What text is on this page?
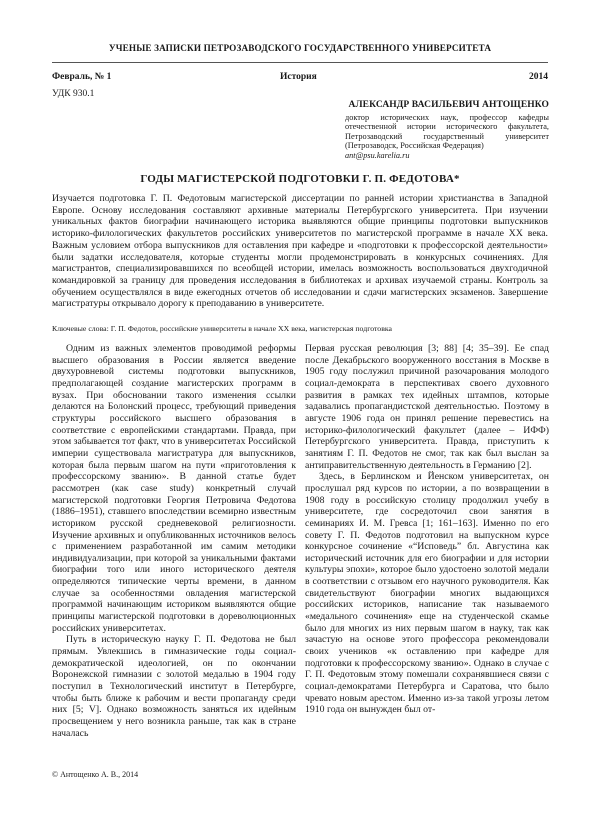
УЧЕНЫЕ ЗАПИСКИ ПЕТРОЗАВОДСКОГО ГОСУДАРСТВЕННОГО УНИВЕРСИТЕТА
Февраль, № 1	История	2014
УДК 930.1
АЛЕКСАНДР ВАСИЛЬЕВИЧ АНТОЩЕНКО
доктор исторических наук, профессор кафедры отечественной истории исторического факультета, Петрозаводский государственный университет (Петрозаводск, Российская Федерация)
ant@psu.karelia.ru
ГОДЫ МАГИСТЕРСКОЙ ПОДГОТОВКИ Г. П. ФЕДОТОВА*
Изучается подготовка Г. П. Федотовым магистерской диссертации по ранней истории христианства в Западной Европе. Основу исследования составляют архивные материалы Петербургского университета. При изучении уникальных фактов биографии начинающего историка выявляются общие принципы подготовки выпускников историко-филологических факультетов российских университетов по магистерской программе в начале XX века. Важным условием отбора выпускников для оставления при кафедре и «подготовки к профессорской деятельности» были задатки исследователя, которые студенты могли продемонстрировать в конкурсных сочинениях. Для магистрантов, специализировавшихся по всеобщей истории, имелась возможность воспользоваться двухгодичной командировкой за границу для проведения исследования в библиотеках и архивах изучаемой страны. Контроль за обучением осуществлялся в виде ежегодных отчетов об исследовании и сдачи магистерских экзаменов. Завершение магистратуры открывало дорогу к преподаванию в университете.
Ключевые слова: Г. П. Федотов, российские университеты в начале XX века, магистерская подготовка

Одним из важных элементов проводимой реформы высшего образования в России является введение двухуровневой системы подготовки выпускников, предполагающей создание магистерских программ в вузах. При обосновании такого изменения ссылки делаются на Болонский процесс, требующий приведения структуры российского высшего образования в соответствие с европейскими стандартами. Правда, при этом забывается тот факт, что в университетах Российской империи существовала магистратура для выпускников, которая была первым шагом на пути «приготовления к профессорскому званию». В данной статье будет рассмотрен (как case study) конкретный случай магистерской подготовки Георгия Петровича Федотова (1886–1951), ставшего впоследствии всемирно известным историком русской средневековой религиозности. Изучение архивных и опубликованных источников велось с применением разработанной им самим методики индивидуализации, при которой за уникальными фактами биографии того или иного исторического деятеля определяются типические черты времени, в данном случае за особенностями овладения магистерской программой начинающим историком выявляются общие принципы магистерской подготовки в дореволюционных российских университетах.

Путь в историческую науку Г. П. Федотова не был прямым. Увлекшись в гимназические годы социал-демократической идеологией, он по окончании Воронежской гимназии с золотой медалью в 1904 году поступил в Технологический институт в Петербурге, чтобы быть ближе к рабочим и вести пропаганду среди них [5; V]. Однако возможность заняться их идейным просвещением у него возникла раньше, так как в стране началась

Первая русская революция [3; 88] [4; 35–39]. Ее спад после Декабрьского вооруженного восстания в Москве в 1905 году послужил причиной разочарования молодого социал-демократа в перспективах своего духовного развития в рамках тех идейных штампов, которые задавались пропагандистской деятельностью. Поэтому в августе 1906 года он принял решение перевестись на историко-филологический факультет (далее – ИФФ) Петербургского университета. Правда, приступить к занятиям Г. П. Федотов не смог, так как был выслан за антиправительственную деятельность в Германию [2].

Здесь, в Берлинском и Йенском университетах, он прослушал ряд курсов по истории, а по возвращении в 1908 году в российскую столицу продолжил учебу в университете, где сосредоточил свои занятия в семинариях И. М. Гревса [1; 161–163]. Именно по его совету Г. П. Федотов подготовил на выпускном курсе конкурсное сочинение «“Исповедь” бл. Августина как исторический источник для его биографии и для истории культуры эпохи», которое было удостоено золотой медали в соответствии с отзывом его научного руководителя. Как свидетельствуют биографии многих выдающихся российских историков, написание так называемого «медального сочинения» еще на студенческой скамье было для многих из них первым шагом в науку, так как зачастую на основе этого профессора рекомендовали своих учеников «к оставлению при кафедре для подготовки к профессорскому званию». Однако в случае с Г. П. Федотовым этому помешали сохранявшиеся связи с социал-демократами Петербурга и Саратова, что было чревато новым арестом. Именно из-за такой угрозы летом 1910 года он вынужден был от-

© Антощенко А. В., 2014
